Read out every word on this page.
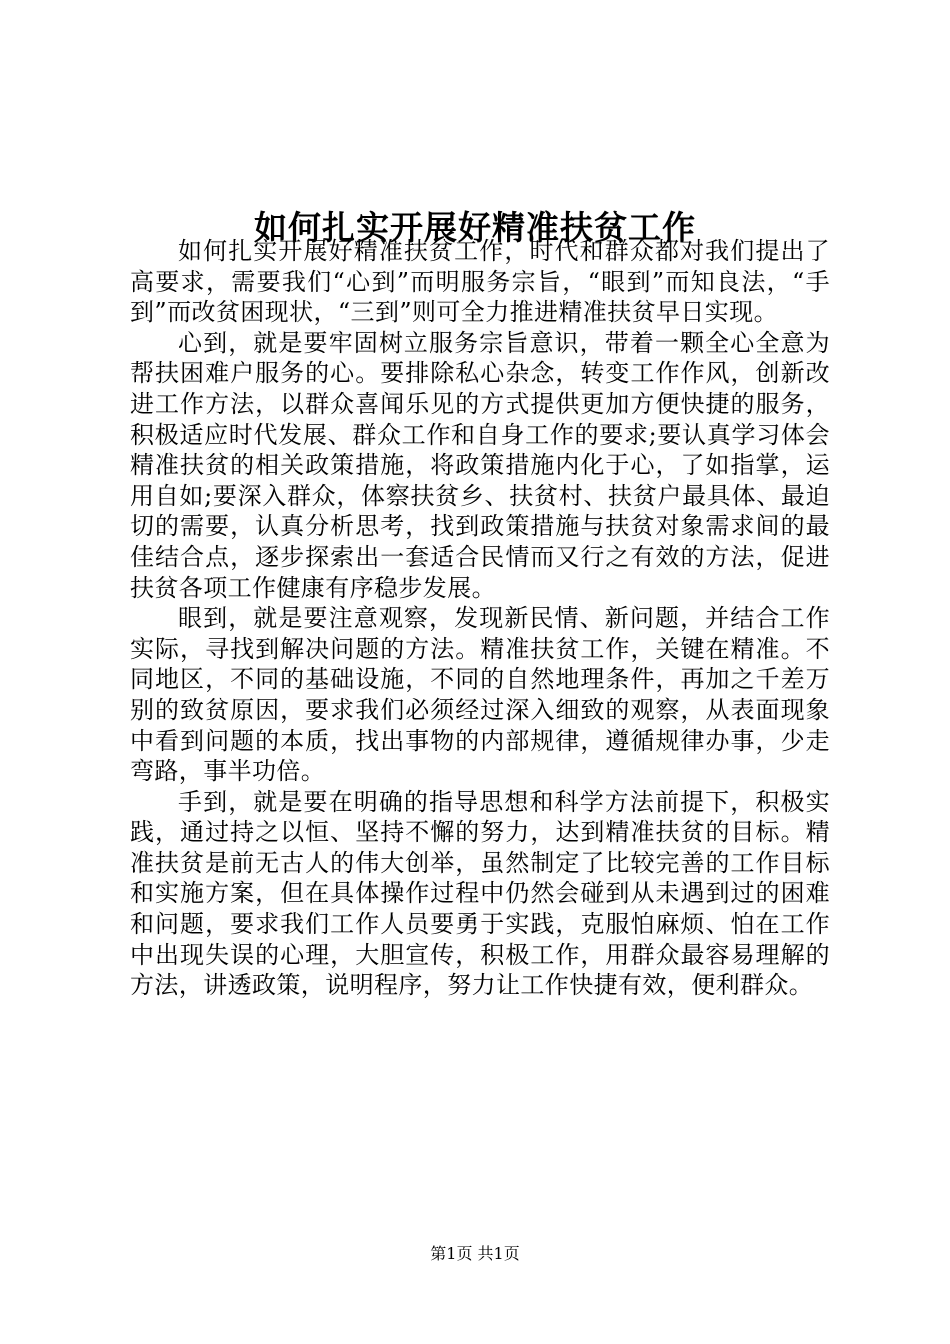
如何扎实开展好精准扶贫工作

如何扎实开展好精准扶贫工作，时代和群众都对我们提出了高要求，需要我们“心到”而明服务宗旨，“眼到”而知良法，“手到”而改贫困现状，“三到”则可全力推进精准扶贫早日实现。

心到，就是要牢固树立服务宗旨意识，带着一颗全心全意为帮扶困难户服务的心。要排除私心杂念，转变工作作风，创新改进工作方法，以群众喜闻乐见的方式提供更加方便快捷的服务，积极适应时代发展、群众工作和自身工作的要求;要认真学习体会精准扶贫的相关政策措施，将政策措施内化于心，了如指掌，运用自如;要深入群众，体察扶贫乡、扶贫村、扶贫户最具体、最迫切的需要，认真分析思考，找到政策措施与扶贫对象需求间的最佳结合点，逐步探索出一套适合民情而又行之有效的方法，促进扶贫各项工作健康有序稳步发展。

眼到，就是要注意观察，发现新民情、新问题，并结合工作实际，寻找到解决问题的方法。精准扶贫工作，关键在精准。不同地区，不同的基础设施，不同的自然地理条件，再加之千差万别的致贫原因，要求我们必须经过深入细致的观察，从表面现象中看到问题的本质，找出事物的内部规律，遵循规律办事，少走弯路，事半功倍。

手到，就是要在明确的指导思想和科学方法前提下，积极实践，通过持之以恒、坚持不懈的努力，达到精准扶贫的目标。精准扶贫是前无古人的伟大创举，虽然制定了比较完善的工作目标和实施方案，但在具体操作过程中仍然会碰到从未遇到过的困难和问题，要求我们工作人员要勇于实践，克服怕麻烦、怕在工作中出现失误的心理，大胆宣传，积极工作，用群众最容易理解的方法，讲透政策，说明程序，努力让工作快捷有效，便利群众。

第1页 共1页
